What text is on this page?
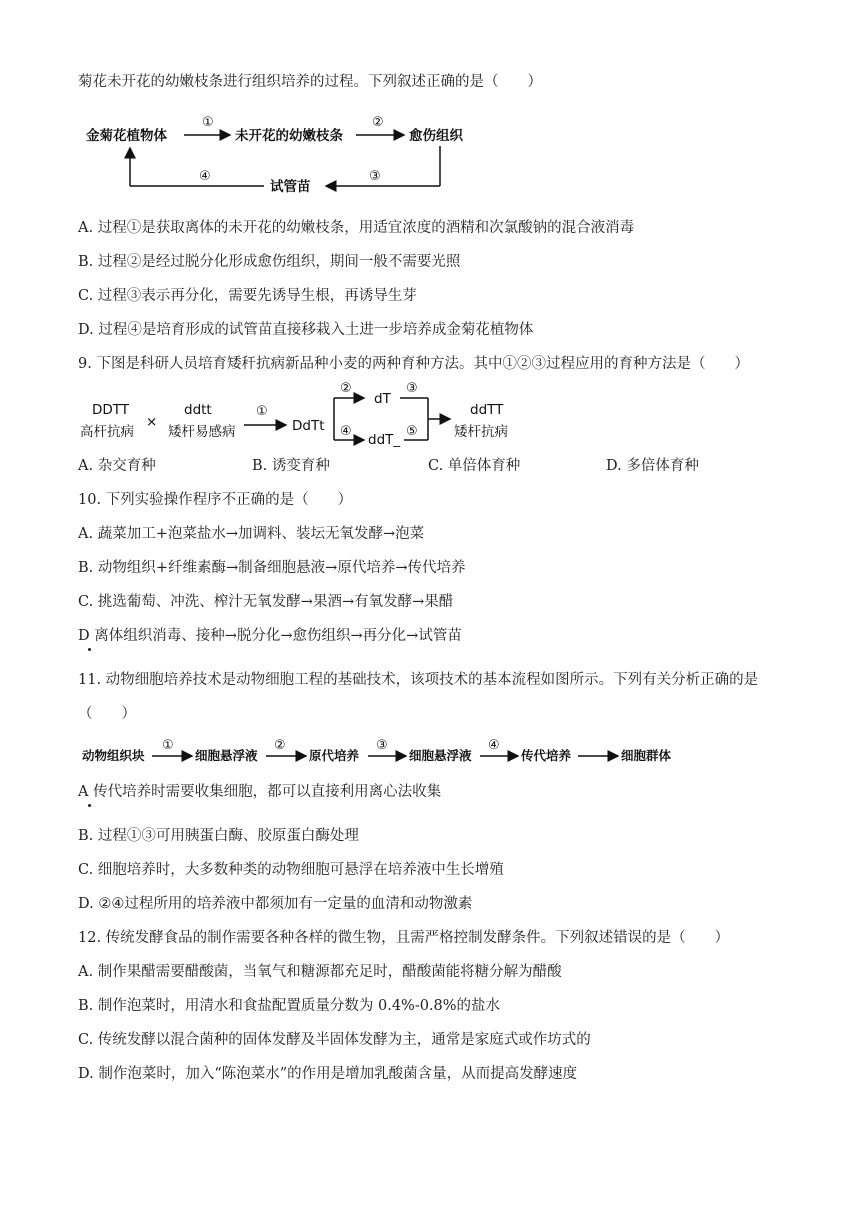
菊花未开花的幼嫩枝条进行组织培养的过程。下列叙述正确的是（　　）
金菊花植物体
①
未开花的幼嫩枝条
②
愈伤组织
③
试管苗
④
A. 过程①是获取离体的未开花的幼嫩枝条，用适宜浓度的酒精和次氯酸钠的混合液消毒
B. 过程②是经过脱分化形成愈伤组织，期间一般不需要光照
C. 过程③表示再分化，需要先诱导生根，再诱导生芽
D. 过程④是培育形成的试管苗直接移栽入土进一步培养成金菊花植物体
9. 下图是科研人员培育矮秆抗病新品种小麦的两种育种方法。其中①②③过程应用的育种方法是（　　）
DDTT
高杆抗病
×
ddtt
矮杆易感病
①
DdTt
②
④
dT
ddT_
③
⑤
ddTT
矮杆抗病
A. 杂交育种	B. 诱变育种	C. 单倍体育种	D. 多倍体育种
10. 下列实验操作程序不正确的是（　　）
A. 蔬菜加工+泡菜盐水→加调料、装坛无氧发酵→泡菜
B. 动物组织+纤维素酶→制备细胞悬液→原代培养→传代培养
C. 挑选葡萄、冲洗、榨汁无氧发酵→果酒→有氧发酵→果醋
D 离体组织消毒、接种→脱分化→愈伤组织→再分化→试管苗
11. 动物细胞培养技术是动物细胞工程的基础技术，该项技术的基本流程如图所示。下列有关分析正确的是
（　　）
动物组织块
①
细胞悬浮液
②
原代培养
③
细胞悬浮液
④
传代培养	细胞群体
A 传代培养时需要收集细胞，都可以直接利用离心法收集
B. 过程①③可用胰蛋白酶、胶原蛋白酶处理
C. 细胞培养时，大多数种类的动物细胞可悬浮在培养液中生长增殖
D. ②④过程所用的培养液中都须加有一定量的血清和动物激素
12. 传统发酵食品的制作需要各种各样的微生物，且需严格控制发酵条件。下列叙述错误的是（　　）
A. 制作果醋需要醋酸菌，当氧气和糖源都充足时，醋酸菌能将糖分解为醋酸
B. 制作泡菜时，用清水和食盐配置质量分数为 0.4%-0.8%的盐水
C. 传统发酵以混合菌种的固体发酵及半固体发酵为主，通常是家庭式或作坊式的
D. 制作泡菜时，加入“陈泡菜水”的作用是增加乳酸菌含量，从而提高发酵速度
